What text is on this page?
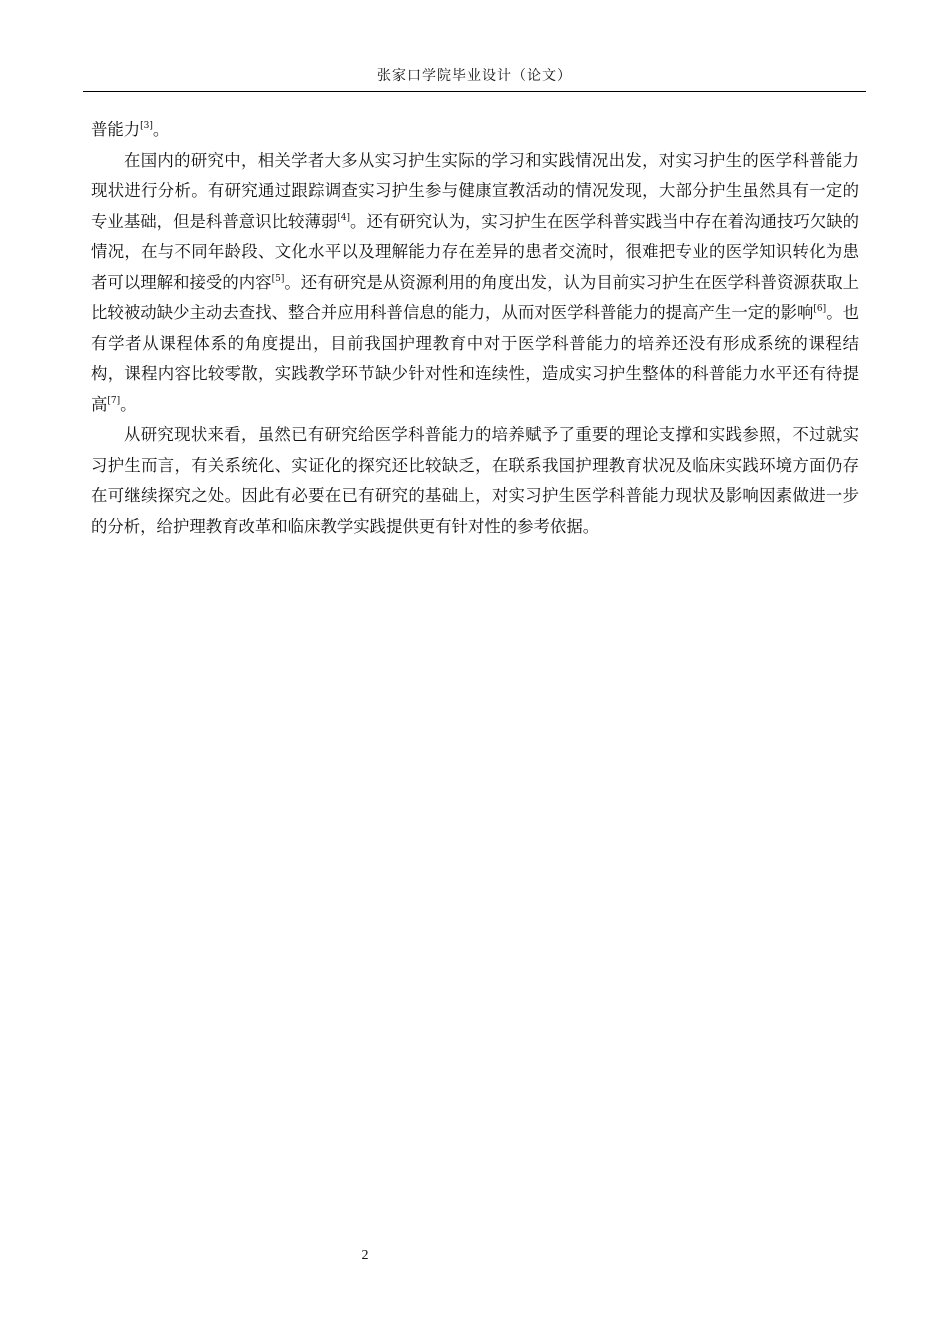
张家口学院毕业设计（论文）

普能力[3]。

在国内的研究中，相关学者大多从实习护生实际的学习和实践情况出发，对实习护生的医学科普能力现状进行分析。有研究通过跟踪调查实习护生参与健康宣教活动的情况发现，大部分护生虽然具有一定的专业基础，但是科普意识比较薄弱[4]。还有研究认为，实习护生在医学科普实践当中存在着沟通技巧欠缺的情况，在与不同年龄段、文化水平以及理解能力存在差异的患者交流时，很难把专业的医学知识转化为患者可以理解和接受的内容[5]。还有研究是从资源利用的角度出发，认为目前实习护生在医学科普资源获取上比较被动缺少主动去查找、整合并应用科普信息的能力，从而对医学科普能力的提高产生一定的影响[6]。也有学者从课程体系的角度提出，目前我国护理教育中对于医学科普能力的培养还没有形成系统的课程结构，课程内容比较零散，实践教学环节缺少针对性和连续性，造成实习护生整体的科普能力水平还有待提高[7]。

从研究现状来看，虽然已有研究给医学科普能力的培养赋予了重要的理论支撑和实践参照，不过就实习护生而言，有关系统化、实证化的探究还比较缺乏，在联系我国护理教育状况及临床实践环境方面仍存在可继续探究之处。因此有必要在已有研究的基础上，对实习护生医学科普能力现状及影响因素做进一步的分析，给护理教育改革和临床教学实践提供更有针对性的参考依据。

2
